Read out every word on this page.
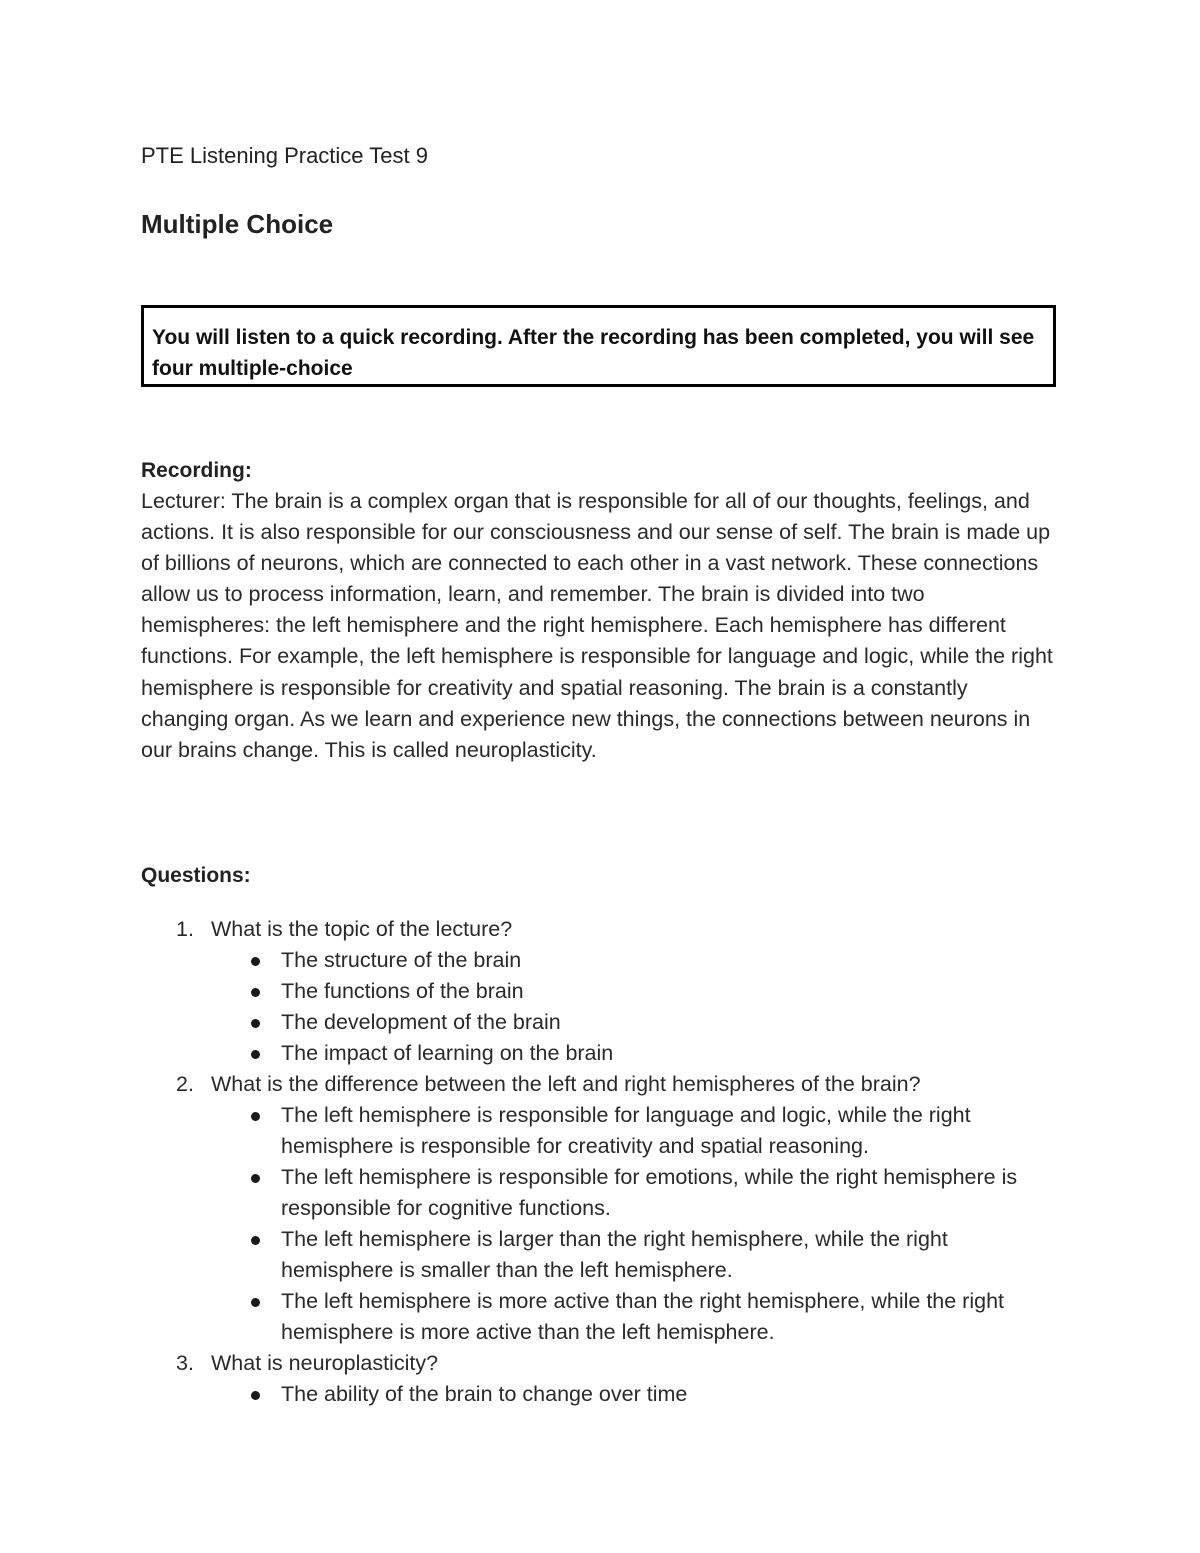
PTE Listening Practice Test 9
Multiple Choice

You will listen to a quick recording. After the recording has been completed, you will see four multiple-choice

Recording:

Lecturer: The brain is a complex organ that is responsible for all of our thoughts, feelings, and actions. It is also responsible for our consciousness and our sense of self. The brain is made up of billions of neurons, which are connected to each other in a vast network. These connections allow us to process information, learn, and remember. The brain is divided into two hemispheres: the left hemisphere and the right hemisphere. Each hemisphere has different functions. For example, the left hemisphere is responsible for language and logic, while the right hemisphere is responsible for creativity and spatial reasoning. The brain is a constantly changing organ. As we learn and experience new things, the connections between neurons in our brains change. This is called neuroplasticity.

Questions:

1. What is the topic of the lecture?

The structure of the brain
The functions of the brain
The development of the brain
The impact of learning on the brain
2. What is the difference between the left and right hemispheres of the brain?

The left hemisphere is responsible for language and logic, while the right hemisphere is responsible for creativity and spatial reasoning.
The left hemisphere is responsible for emotions, while the right hemisphere is responsible for cognitive functions.
The left hemisphere is larger than the right hemisphere, while the right hemisphere is smaller than the left hemisphere.
The left hemisphere is more active than the right hemisphere, while the right hemisphere is more active than the left hemisphere.
3. What is neuroplasticity?

The ability of the brain to change over time
